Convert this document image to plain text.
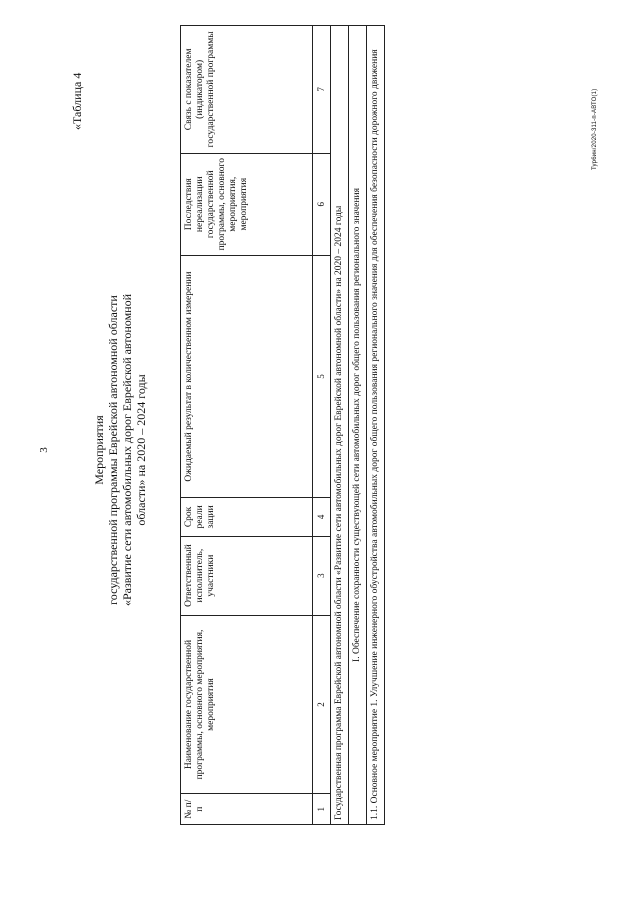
3
«Таблица 4
Мероприятия государственной программы Еврейской автономной области «Развитие сети автомобильных дорог Еврейской автономной области» на 2020 – 2024 годы
№ п/п	Наименование государственной программы, основного мероприятия, мероприятия	Ответственный исполнитель, участники	Срок реали зации	Ожидаемый результат в количественном измерении	Последствия нереализации государственной программы, основного мероприятия, мероприятия	Связь с показателем (индикатором) государственной программы
1	2	3	4	5	6	7
Государственная программа Еврейской автономной области «Развитие сети автомобильных дорог Еврейской автономной области» на 2020 – 2024 годы						
I. Обеспечение сохранности существующей сети автомобильных дорог общего пользования регионального значения						
1.1. Основное мероприятие 1. Улучшение инженерного обустройства автомобильных дорог общего пользования регионального значения для обеспечения безопасности дорожного движения							Тур6ин/2020-311-п-АВТО(1)
